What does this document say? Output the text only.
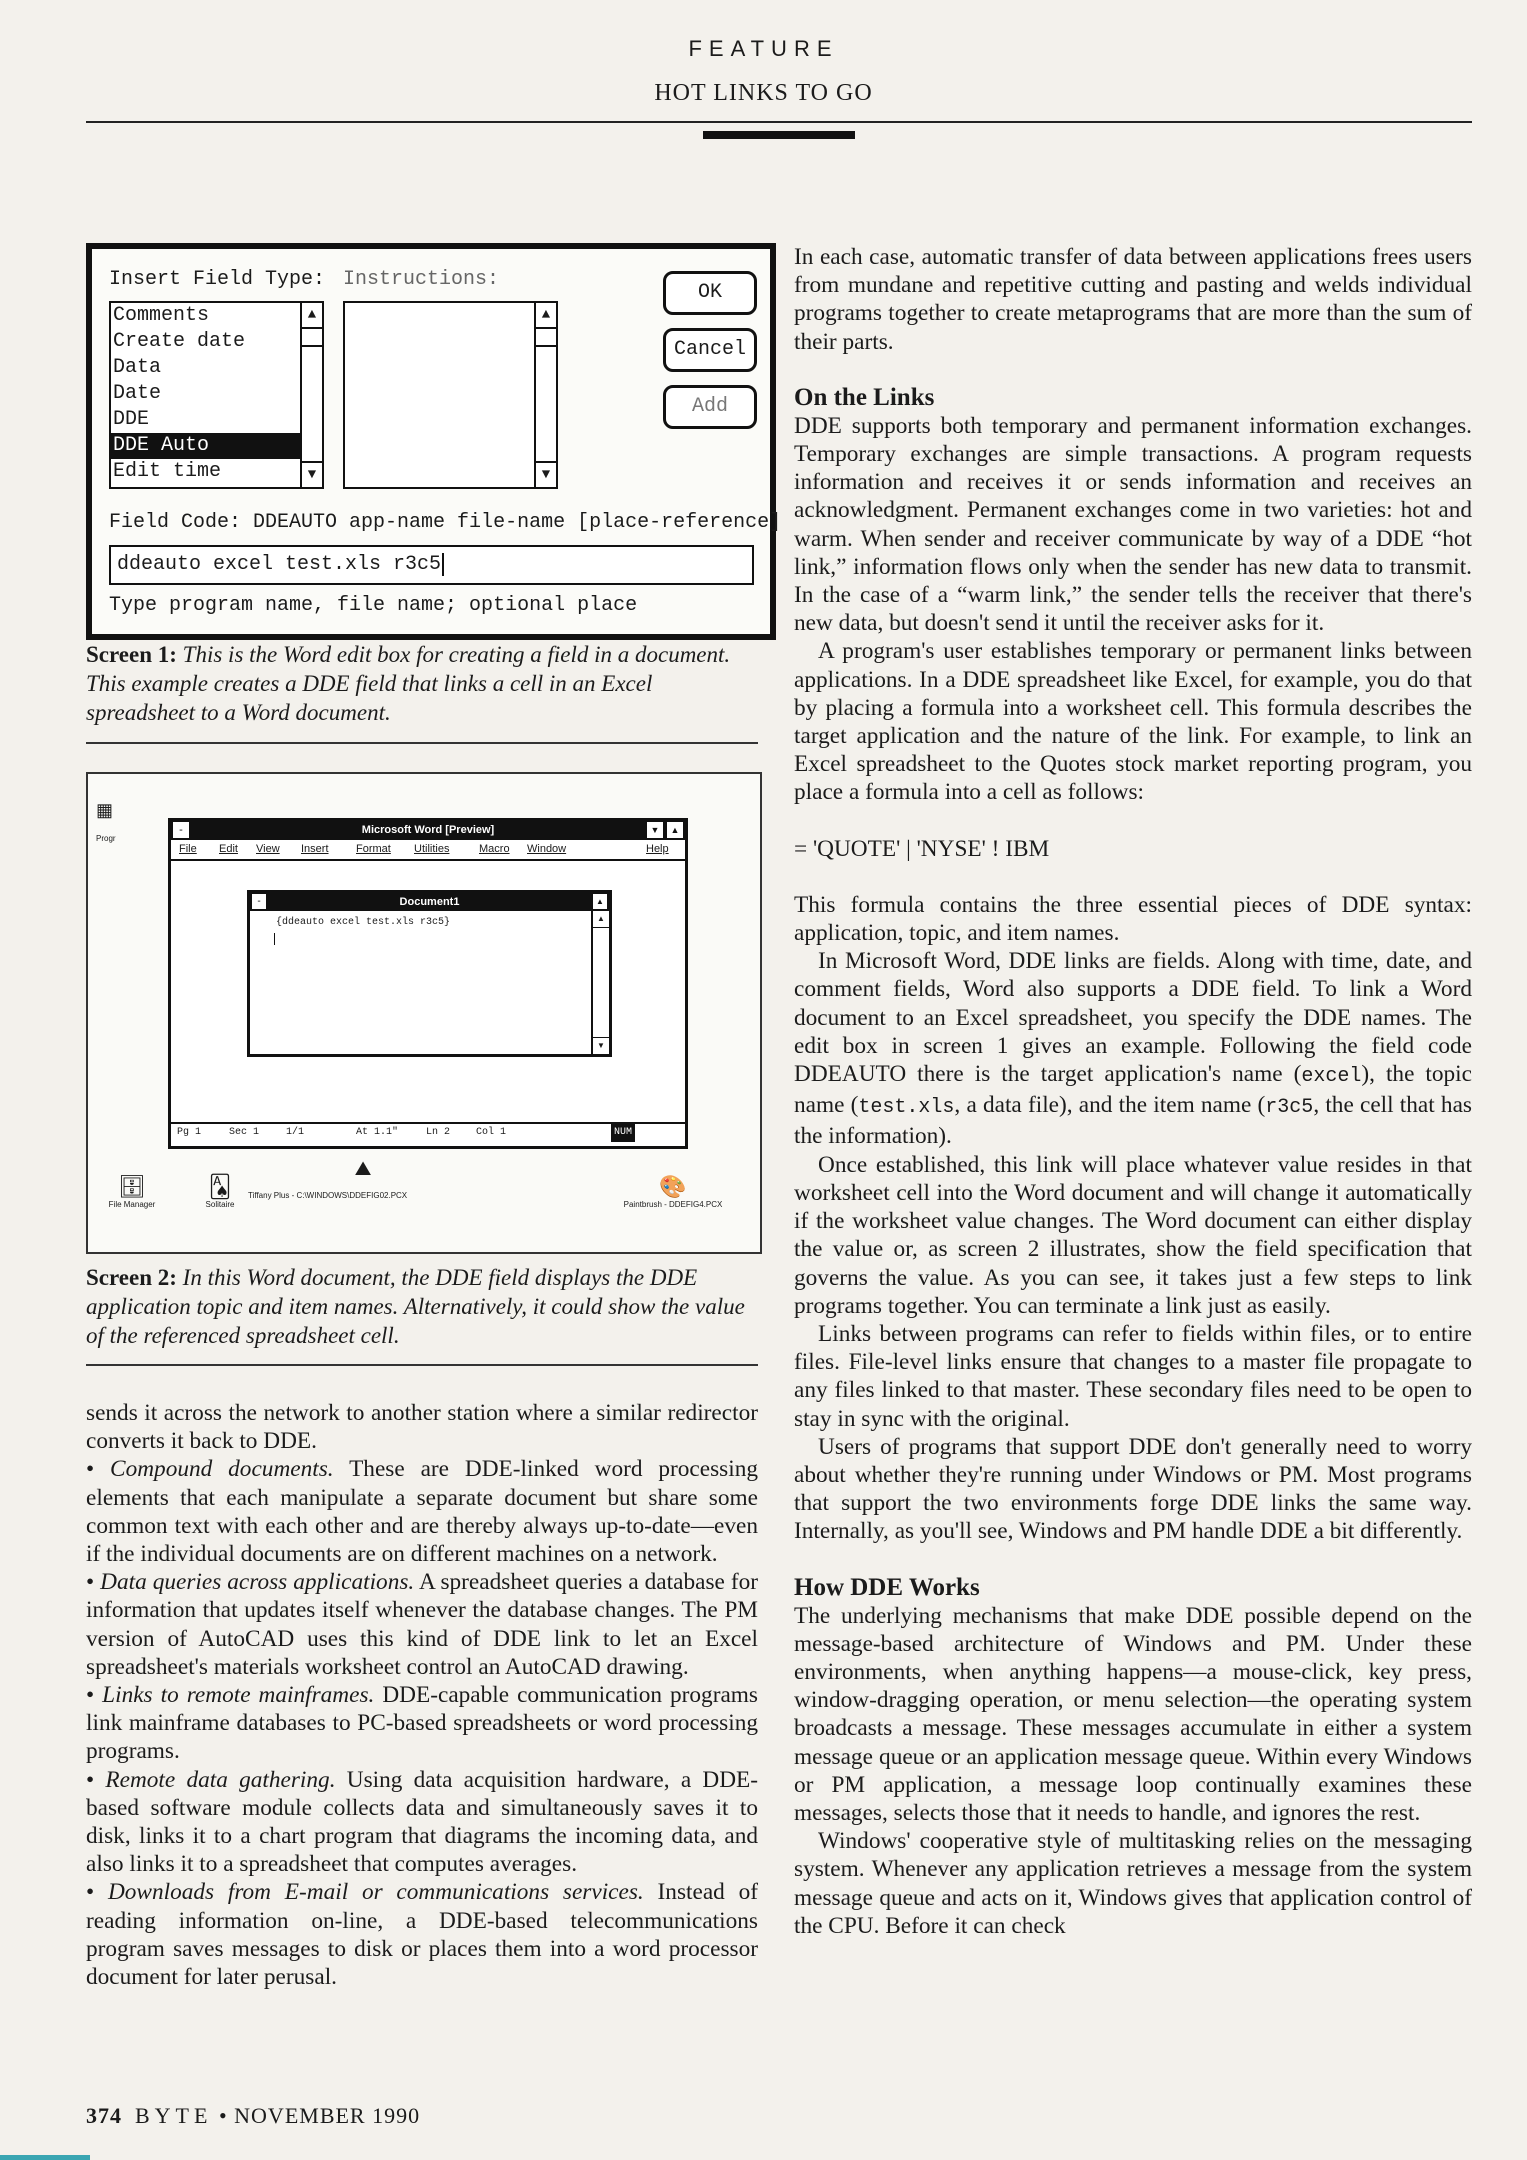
FEATURE
HOT LINKS TO GO
Insert Field Type: Instructions:
Comments
Create date
Data
Date
DDE
DDE Auto
Edit time
▲
▼
▲
▼
OK
Cancel
Add
Field Code: DDEAUTO app-name file-name [place-reference]
ddeauto excel test.xls r3c5
Type program name, file name; optional place
Screen 1: This is the Word edit box for creating a field in a document. This example creates a DDE field that links a cell in an Excel spreadsheet to a Word document.
▦
Progr
Microsoft Word [Preview]
-	▼	▲
File Edit View Insert Format Utilities	Macro Window	Help
Document1
-	▲
{ddeauto excel test.xls r3c5}	▲
▼
Pg 1	Sec 1	1/1	At 1.1"	Ln 2	Col 1	NUM
🗄
File Manager
🂡
Solitaire
⛰
Tiffany Plus - C:\WINDOWS\DDEFIG02.PCX	🎨
Paintbrush - DDEFIG4.PCX
Screen 2: In this Word document, the DDE field displays the DDE application topic and item names. Alternatively, it could show the value of the referenced spreadsheet cell.

sends it across the network to another station where a similar redirector converts it back to DDE.

• Compound documents. These are DDE-linked word processing elements that each manipulate a separate document but share some common text with each other and are thereby always up-to-date—even if the individual documents are on different machines on a network.

• Data queries across applications. A spreadsheet queries a database for information that updates itself whenever the database changes. The PM version of AutoCAD uses this kind of DDE link to let an Excel spreadsheet's materials worksheet control an AutoCAD drawing.

• Links to remote mainframes. DDE-capable communication programs link mainframe databases to PC-based spreadsheets or word processing programs.

• Remote data gathering. Using data acquisition hardware, a DDE-based software module collects data and simultaneously saves it to disk, links it to a chart program that diagrams the incoming data, and also links it to a spreadsheet that computes averages.

• Downloads from E-mail or communications services. Instead of reading information on-line, a DDE-based telecommunications program saves messages to disk or places them into a word processor document for later perusal.

In each case, automatic transfer of data between applications frees users from mundane and repetitive cutting and pasting and welds individual programs together to create metaprograms that are more than the sum of their parts.

On the Links

DDE supports both temporary and permanent information exchanges. Temporary exchanges are simple transactions. A program requests information and receives it or sends information and receives an acknowledgment. Permanent exchanges come in two varieties: hot and warm. When sender and receiver communicate by way of a DDE “hot link,” information flows only when the sender has new data to transmit. In the case of a “warm link,” the sender tells the receiver that there's new data, but doesn't send it until the receiver asks for it.

A program's user establishes temporary or permanent links between applications. In a DDE spreadsheet like Excel, for example, you do that by placing a formula into a worksheet cell. This formula describes the target application and the nature of the link. For example, to link an Excel spreadsheet to the Quotes stock market reporting program, you place a formula into a cell as follows:

= 'QUOTE' | 'NYSE' ! IBM

This formula contains the three essential pieces of DDE syntax: application, topic, and item names.

In Microsoft Word, DDE links are fields. Along with time, date, and comment fields, Word also supports a DDE field. To link a Word document to an Excel spreadsheet, you specify the DDE names. The edit box in screen 1 gives an example. Following the field code DDEAUTO there is the target application's name (excel), the topic name (test.xls, a data file), and the item name (r3c5, the cell that has the information).

Once established, this link will place whatever value resides in that worksheet cell into the Word document and will change it automatically if the worksheet value changes. The Word document can either display the value or, as screen 2 illustrates, show the field specification that governs the value. As you can see, it takes just a few steps to link programs together. You can terminate a link just as easily.

Links between programs can refer to fields within files, or to entire files. File-level links ensure that changes to a master file propagate to any files linked to that master. These secondary files need to be open to stay in sync with the original.

Users of programs that support DDE don't generally need to worry about whether they're running under Windows or PM. Most programs that support the two environments forge DDE links the same way. Internally, as you'll see, Windows and PM handle DDE a bit differently.

How DDE Works

The underlying mechanisms that make DDE possible depend on the message-based architecture of Windows and PM. Under these environments, when anything happens—a mouse-click, key press, window-dragging operation, or menu selection—the operating system broadcasts a message. These messages accumulate in either a system message queue or an application message queue. Within every Windows or PM application, a message loop continually examines these messages, selects those that it needs to handle, and ignores the rest.

Windows' cooperative style of multitasking relies on the messaging system. Whenever any application retrieves a message from the system message queue and acts on it, Windows gives that application control of the CPU. Before it can check

374 BYTE • NOVEMBER 1990
